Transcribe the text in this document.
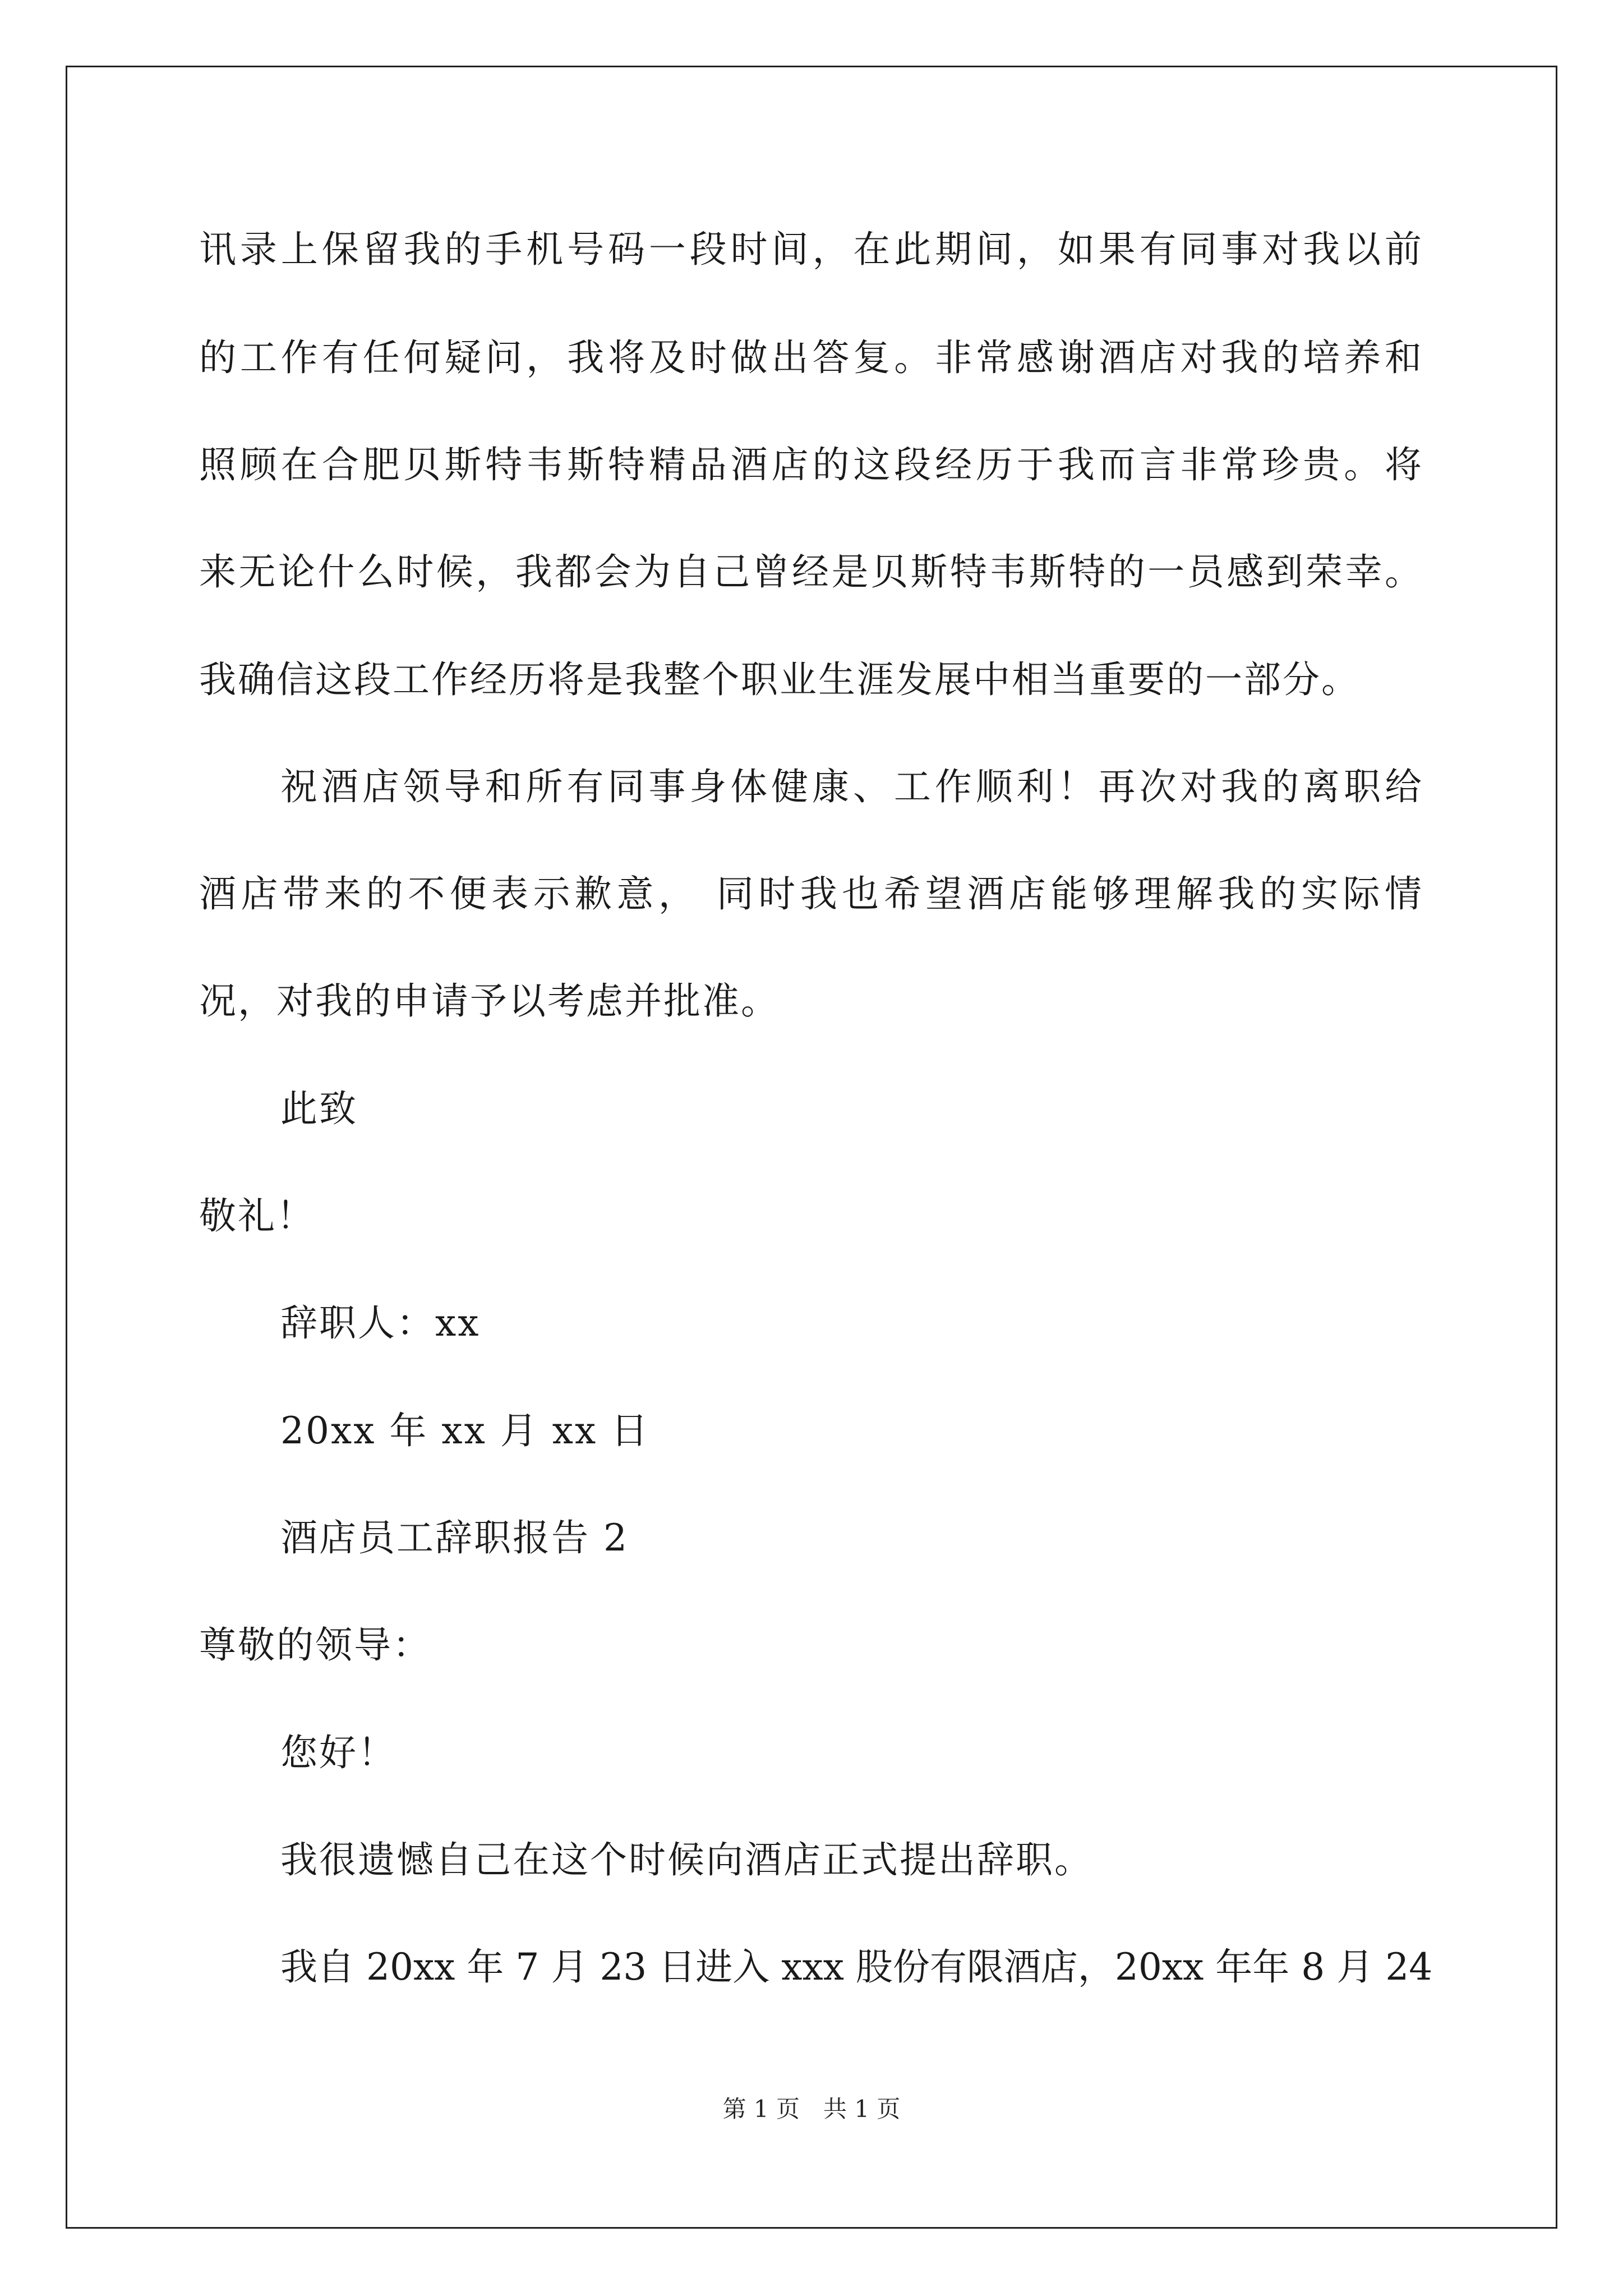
讯录上保留我的手机号码一段时间，在此期间，如果有同事对我以前
的工作有任何疑问，我将及时做出答复。非常感谢酒店对我的培养和
照顾在合肥贝斯特韦斯特精品酒店的这段经历于我而言非常珍贵。将
来无论什么时候，我都会为自己曾经是贝斯特韦斯特的一员感到荣幸。
我确信这段工作经历将是我整个职业生涯发展中相当重要的一部分。
祝酒店领导和所有同事身体健康、工作顺利！再次对我的离职给
酒店带来的不便表示歉意， 同时我也希望酒店能够理解我的实际情
况，对我的申请予以考虑并批准。
此致
敬礼！
辞职人：xx
20xx 年 xx 月 xx 日
酒店员工辞职报告 2
尊敬的领导：
您好！
我很遗憾自己在这个时候向酒店正式提出辞职。
我自 20xx 年 7 月 23 日进入 xxx 股份有限酒店，20xx 年年 8 月 24
第 1 页　共 1 页
